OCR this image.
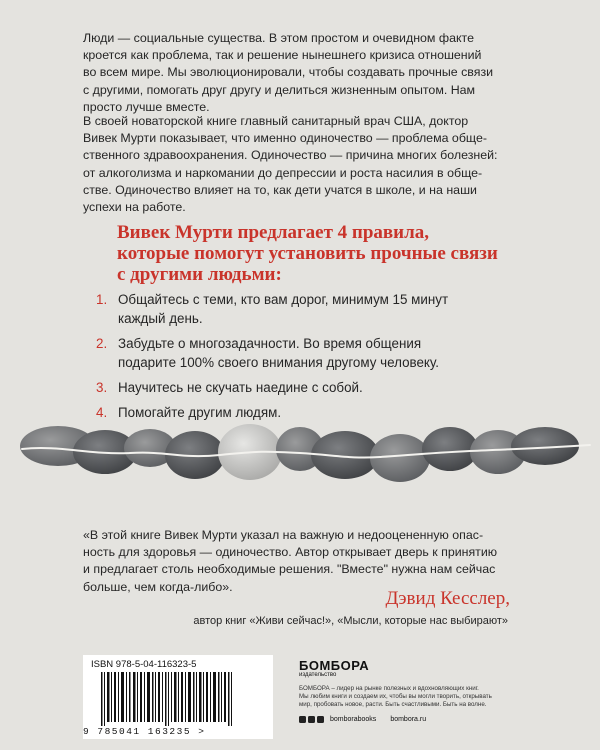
Люди — социальные существа. В этом простом и очевидном факте
кроется как проблема, так и решение нынешнего кризиса отношений
во всем мире. Мы эволюционировали, чтобы создавать прочные связи
с другими, помогать друг другу и делиться жизненным опытом. Нам
просто лучше вместе.

В своей новаторской книге главный санитарный врач США, доктор
Вивек Мурти показывает, что именно одиночество — проблема обще-
ственного здравоохранения. Одиночество — причина многих болезней:
от алкоголизма и наркомании до депрессии и роста насилия в обще-
стве. Одиночество влияет на то, как дети учатся в школе, и на наши
успехи на работе.

Вивек Мурти предлагает 4 правила,
которые помогут установить прочные связи
с другими людьми:
1. Общайтесь с теми, кто вам дорог, минимум 15 минут
каждый день.
2. Забудьте о многозадачности. Во время общения
подарите 100% своего внимания другому человеку.
3. Научитесь не скучать наедине с собой.
4. Помогайте другим людям.

«В этой книге Вивек Мурти указал на важную и недооцененную опас-
ность для здоровья — одиночество. Автор открывает дверь к принятию
и предлагает столь необходимые решения. "Вместе" нужна нам сейчас
больше, чем когда-либо».

Дэвид Кесслер,
автор книг «Живи сейчас!», «Мысли, которые нас выбирают»
ISBN 978-5-04-116323-5
9 785041 163235 >
БОМБОРА
издательство
БОМБОРА – лидер на рынке полезных и вдохновляющих книг.
Мы любим книги и создаем их, чтобы вы могли творить, открывать
мир, пробовать новое, расти. Быть счастливыми. Быть на волне.
bomborabooks bombora.ru
